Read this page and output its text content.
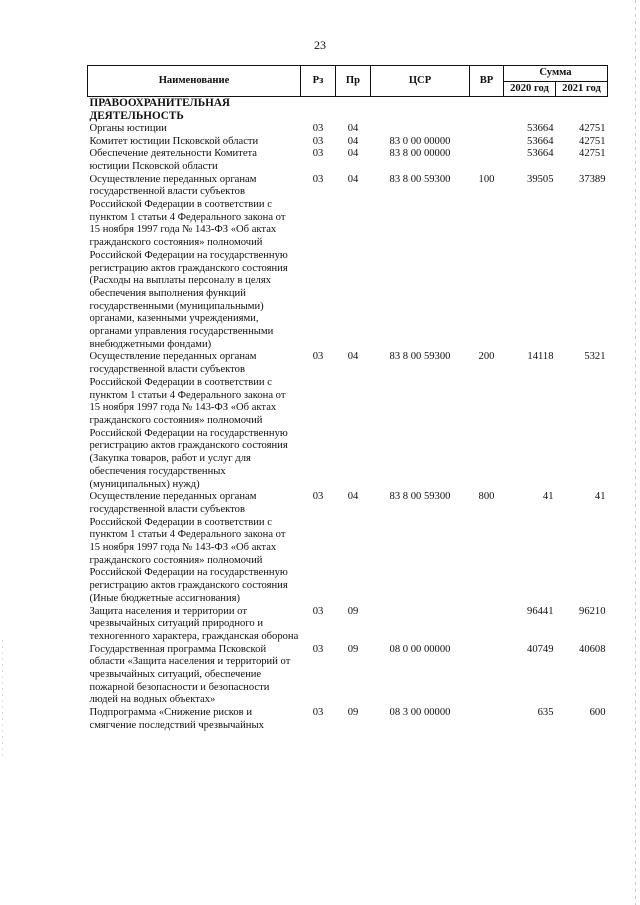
23
Наименование	Рз	Пр	ЦСР	ВР	Сумма	
					2020 год	2021 год
ПРАВООХРАНИТЕЛЬНАЯ ДЕЯТЕЛЬНОСТЬ						
Органы юстиции	03	04			53664	42751
Комитет юстиции Псковской области	03	04	83 0 00 00000		53664	42751
Обеспечение деятельности Комитета юстиции Псковской области	03	04	83 8 00 00000		53664	42751
Осуществление переданных органам государственной власти субъектов Российской Федерации в соответствии с пунктом 1 статьи 4 Федерального закона от 15 ноября 1997 года № 143-ФЗ «Об актах гражданского состояния» полномочий Российской Федерации на государственную регистрацию актов гражданского состояния (Расходы на выплаты персоналу в целях обеспечения выполнения функций государственными (муниципальными) органами, казенными учреждениями, органами управления государственными внебюджетными фондами)	03	04	83 8 00 59300	100	39505	37389
Осуществление переданных органам государственной власти субъектов Российской Федерации в соответствии с пунктом 1 статьи 4 Федерального закона от 15 ноября 1997 года № 143-ФЗ «Об актах гражданского состояния» полномочий Российской Федерации на государственную регистрацию актов гражданского состояния (Закупка товаров, работ и услуг для обеспечения государственных (муниципальных) нужд)	03	04	83 8 00 59300	200	14118	5321
Осуществление переданных органам государственной власти субъектов Российской Федерации в соответствии с пунктом 1 статьи 4 Федерального закона от 15 ноября 1997 года № 143-ФЗ «Об актах гражданского состояния» полномочий Российской Федерации на государственную регистрацию актов гражданского состояния (Иные бюджетные ассигнования)	03	04	83 8 00 59300	800	41	41
Защита населения и территории от чрезвычайных ситуаций природного и техногенного характера, гражданская оборона	03	09			96441	96210
Государственная программа Псковской области «Защита населения и территорий от чрезвычайных ситуаций, обеспечение пожарной безопасности и безопасности людей на водных объектах»	03	09	08 0 00 00000		40749	40608
Подпрограмма «Снижение рисков и смягчение последствий чрезвычайных	03	09	08 3 00 00000		635	600
